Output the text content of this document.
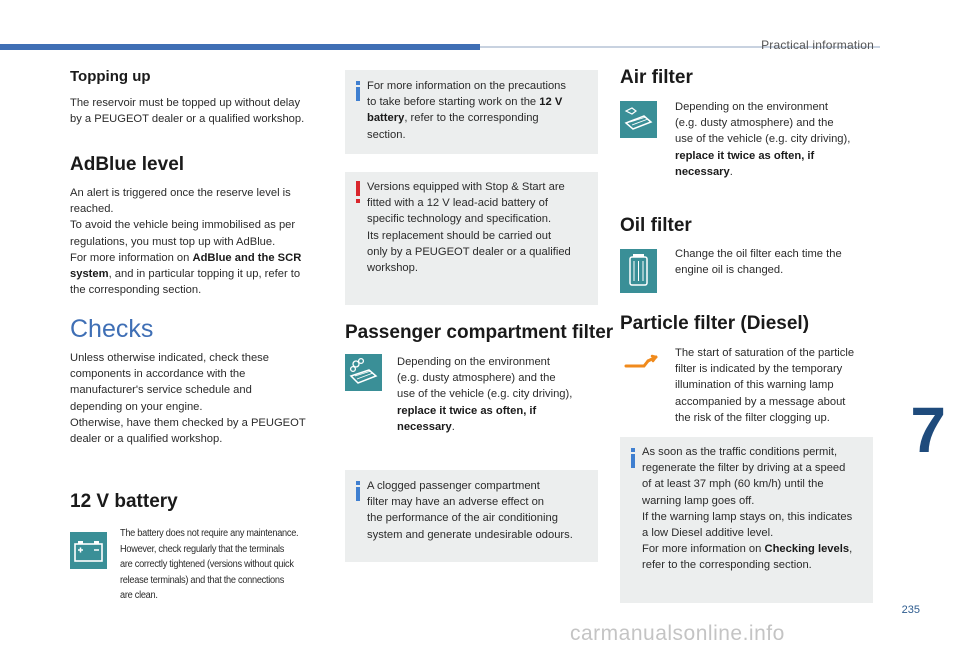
Practical information
7
235
carmanualsonline.info
Topping up
The reservoir must be topped up without delay
by a PEUGEOT dealer or a qualified workshop.
AdBlue level
An alert is triggered once the reserve level is
reached.
To avoid the vehicle being immobilised as per
regulations, you must top up with AdBlue.
For more information on AdBlue and the SCR
system, and in particular topping it up, refer to
the corresponding section.
Checks
Unless otherwise indicated, check these
components in accordance with the
manufacturer's service schedule and
depending on your engine.
Otherwise, have them checked by a PEUGEOT
dealer or a qualified workshop.
12 V battery
The battery does not require any maintenance.
However, check regularly that the terminals
are correctly tightened (versions without quick
release terminals) and that the connections
are clean.
For more information on the precautions
to take before starting work on the 12 V
battery, refer to the corresponding
section.
Versions equipped with Stop & Start are
fitted with a 12 V lead-acid battery of
specific technology and specification.
Its replacement should be carried out
only by a PEUGEOT dealer or a qualified
workshop.
Passenger compartment filter
Depending on the environment
(e.g. dusty atmosphere) and the
use of the vehicle (e.g. city driving),
replace it twice as often, if
necessary.
A clogged passenger compartment
filter may have an adverse effect on
the performance of the air conditioning
system and generate undesirable odours.
Air filter
Depending on the environment
(e.g. dusty atmosphere) and the
use of the vehicle (e.g. city driving),
replace it twice as often, if
necessary.
Oil filter
Change the oil filter each time the
engine oil is changed.
Particle filter (Diesel)
The start of saturation of the particle
filter is indicated by the temporary
illumination of this warning lamp
accompanied by a message about
the risk of the filter clogging up.
As soon as the traffic conditions permit,
regenerate the filter by driving at a speed
of at least 37 mph (60 km/h) until the
warning lamp goes off.
If the warning lamp stays on, this indicates
a low Diesel additive level.
For more information on Checking levels,
refer to the corresponding section.
